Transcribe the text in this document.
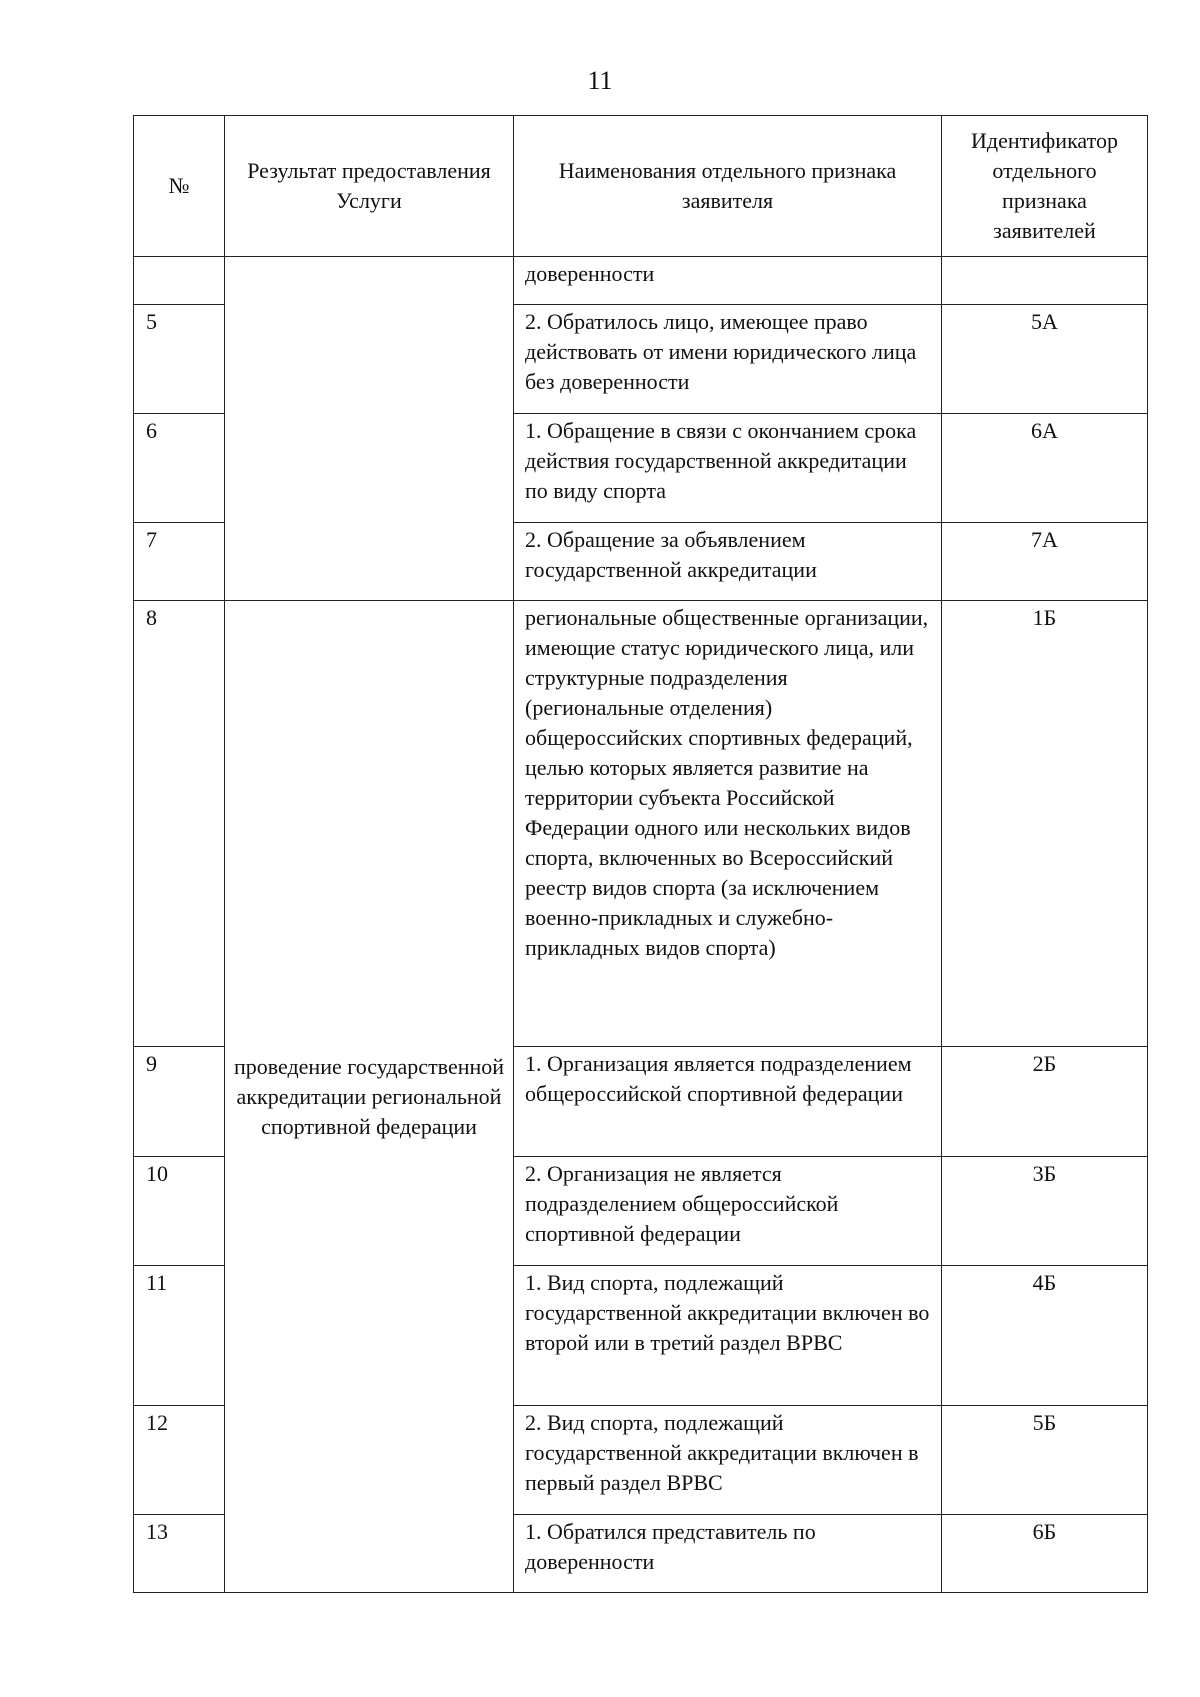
11
№	Результат предоставления Услуги	Наименования отдельного признака заявителя	Идентификатор отдельного признака заявителей
		доверенности	
5		2. Обратилось лицо, имеющее право действовать от имени юридического лица без доверенности	5А
6		1. Обращение в связи с окончанием срока действия государственной аккредитации по виду спорта	6А
7		2. Обращение за объявлением государственной аккредитации	7А
8	проведение государственной аккредитации региональной спортивной федерации	региональные общественные организации, имеющие статус юридического лица, или структурные подразделения (региональные отделения) общероссийских спортивных федераций, целью которых является развитие на территории субъекта Российской Федерации одного или нескольких видов спорта, включенных во Всероссийский реестр видов спорта (за исключением военно-прикладных и служебно-прикладных видов спорта)	1Б
9		1. Организация является подразделением общероссийской спортивной федерации	2Б
10		2. Организация не является подразделением общероссийской спортивной федерации	3Б
11		1. Вид спорта, подлежащий государственной аккредитации включен во второй или в третий раздел ВРВС	4Б
12		2. Вид спорта, подлежащий государственной аккредитации включен в первый раздел ВРВС	5Б
13		1. Обратился представитель по доверенности	6Б
